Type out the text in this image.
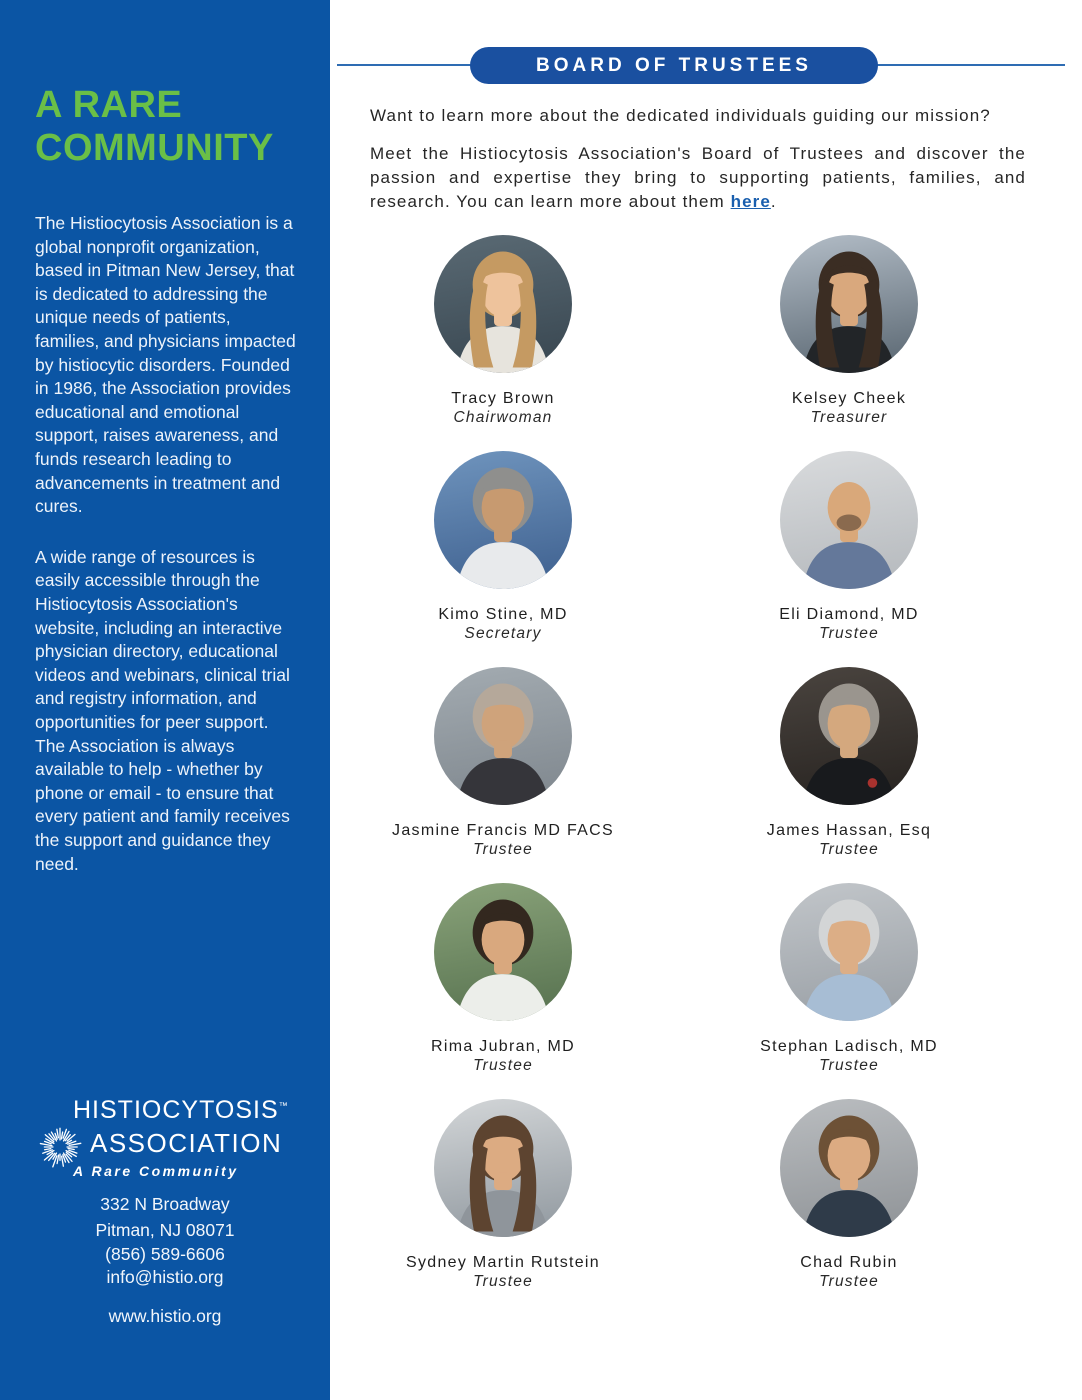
A RARE COMMUNITY

The Histiocytosis Association is a global nonprofit organization, based in Pitman New Jersey, that is dedicated to addressing the unique needs of patients, families, and physicians impacted by histiocytic disorders. Founded in 1986, the Association provides educational and emotional support, raises awareness, and funds research leading to advancements in treatment and cures.

A wide range of resources is easily accessible through the Histiocytosis Association's website, including an interactive physician directory, educational videos and webinars, clinical trial and registry information, and opportunities for peer support. The Association is always available to help - whether by phone or email - to ensure that every patient and family receives the support and guidance they need.

HISTIOCYTOSIS™
ASSOCIATION
A Rare Community
332 N Broadway
Pitman, NJ 08071
(856) 589-6606
info@histio.org
www.histio.org
BOARD OF TRUSTEES

Want to learn more about the dedicated individuals guiding our mission?

Meet the Histiocytosis Association's Board of Trustees and discover the passion and expertise they bring to supporting patients, families, and research. You can learn more about them here.

Tracy Brown
Chairwoman
Kelsey Cheek
Treasurer
Kimo Stine, MD
Secretary
Eli Diamond, MD
Trustee
Jasmine Francis MD FACS
Trustee
James Hassan, Esq
Trustee
Rima Jubran, MD
Trustee
Stephan Ladisch, MD
Trustee
Sydney Martin Rutstein
Trustee
Chad Rubin
Trustee
